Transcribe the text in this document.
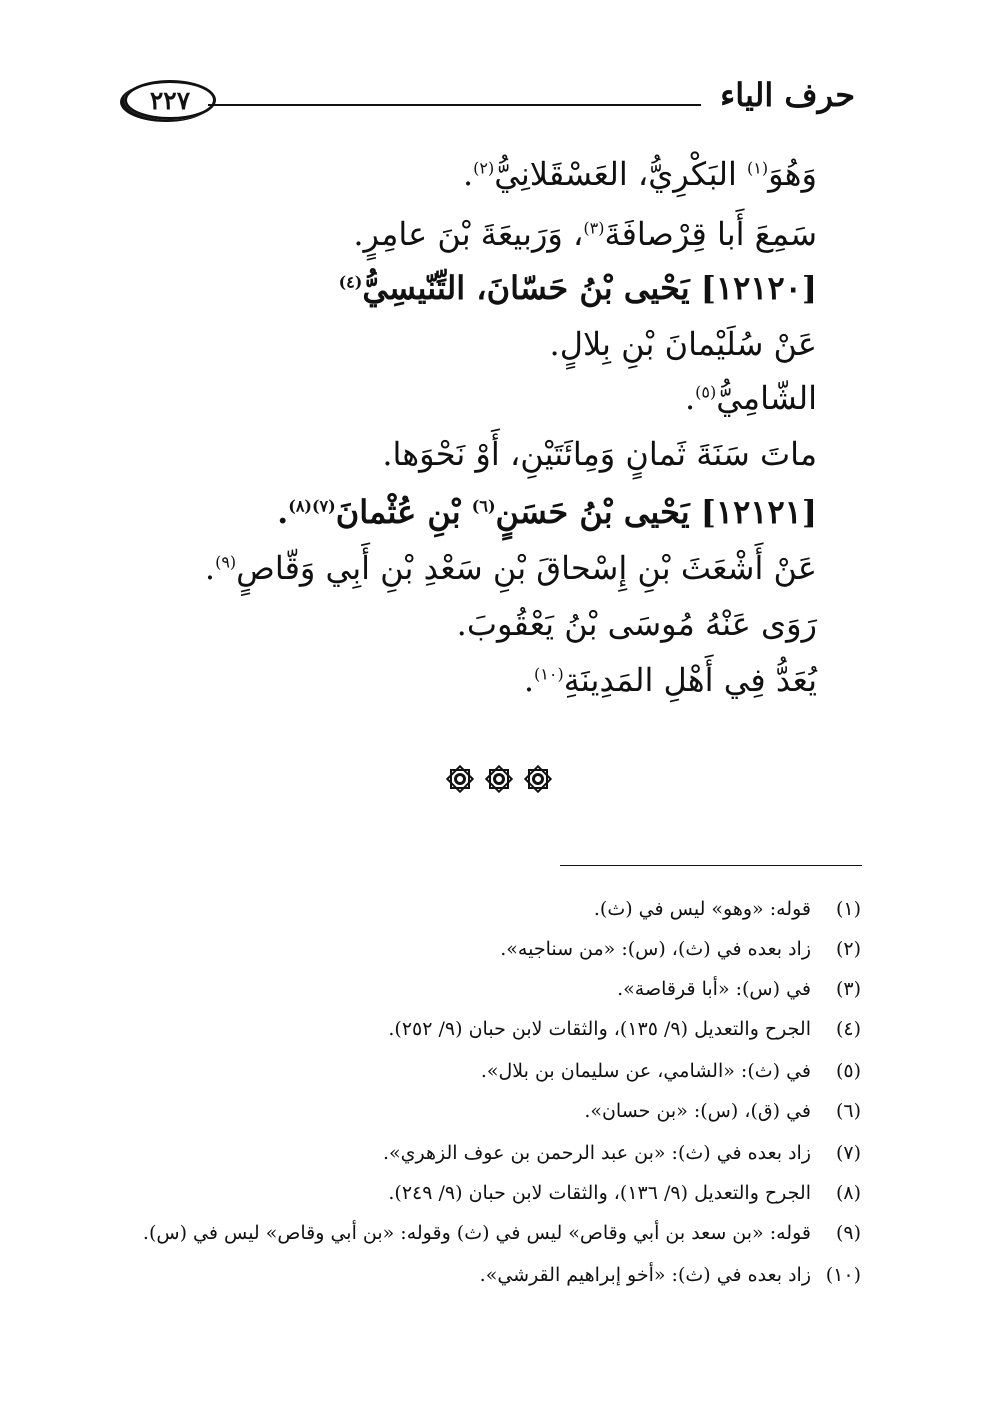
حرف الياء
٢٢٧
وَهُوَ$^{(١)}$ البَكْرِيُّ، العَسْقَلانِيُّ$^{(٢)}$.
سَمِعَ أَبا قِرْصافَةَ$^{(٣)}$، وَرَبيعَةَ بْنَ عامِرٍ.
[١٢١٢٠] يَحْيى بْنُ حَسّانَ، التِّنّيسِيُّ$^{(٤)}$
عَنْ سُلَيْمانَ بْنِ بِلالٍ.
الشّامِيُّ$^{(٥)}$.
ماتَ سَنَةَ ثَمانٍ وَمِائَتَيْنِ، أَوْ نَحْوَها.
[١٢١٢١] يَحْيى بْنُ حَسَنٍ$^{(٦)}$ بْنِ عُثْمانَ$^{(٧)(٨)}$.
عَنْ أَشْعَثَ بْنِ إِسْحاقَ بْنِ سَعْدِ بْنِ أَبِي وَقّاصٍ$^{(٩)}$.
رَوَى عَنْهُ مُوسَى بْنُ يَعْقُوبَ.
يُعَدُّ فِي أَهْلِ المَدِينَةِ$^{(١٠)}$.
(١)
قوله: «وهو» ليس في (ث).
(٢)
زاد بعده في (ث)، (س): «من سناجيه».
(٣)
في (س): «أبا قرقاصة».
(٤)
الجرح والتعديل (٩/ ١٣٥)، والثقات لابن حبان (٩/ ٢٥٢).
(٥)
في (ث): «الشامي، عن سليمان بن بلال».
(٦)
في (ق)، (س): «بن حسان».
(٧)
زاد بعده في (ث): «بن عبد الرحمن بن عوف الزهري».
(٨)
الجرح والتعديل (٩/ ١٣٦)، والثقات لابن حبان (٩/ ٢٤٩).
(٩)
قوله: «بن سعد بن أبي وقاص» ليس في (ث) وقوله: «بن أبي وقاص» ليس في (س).
(١٠)
زاد بعده في (ث): «أخو إبراهيم القرشي».
